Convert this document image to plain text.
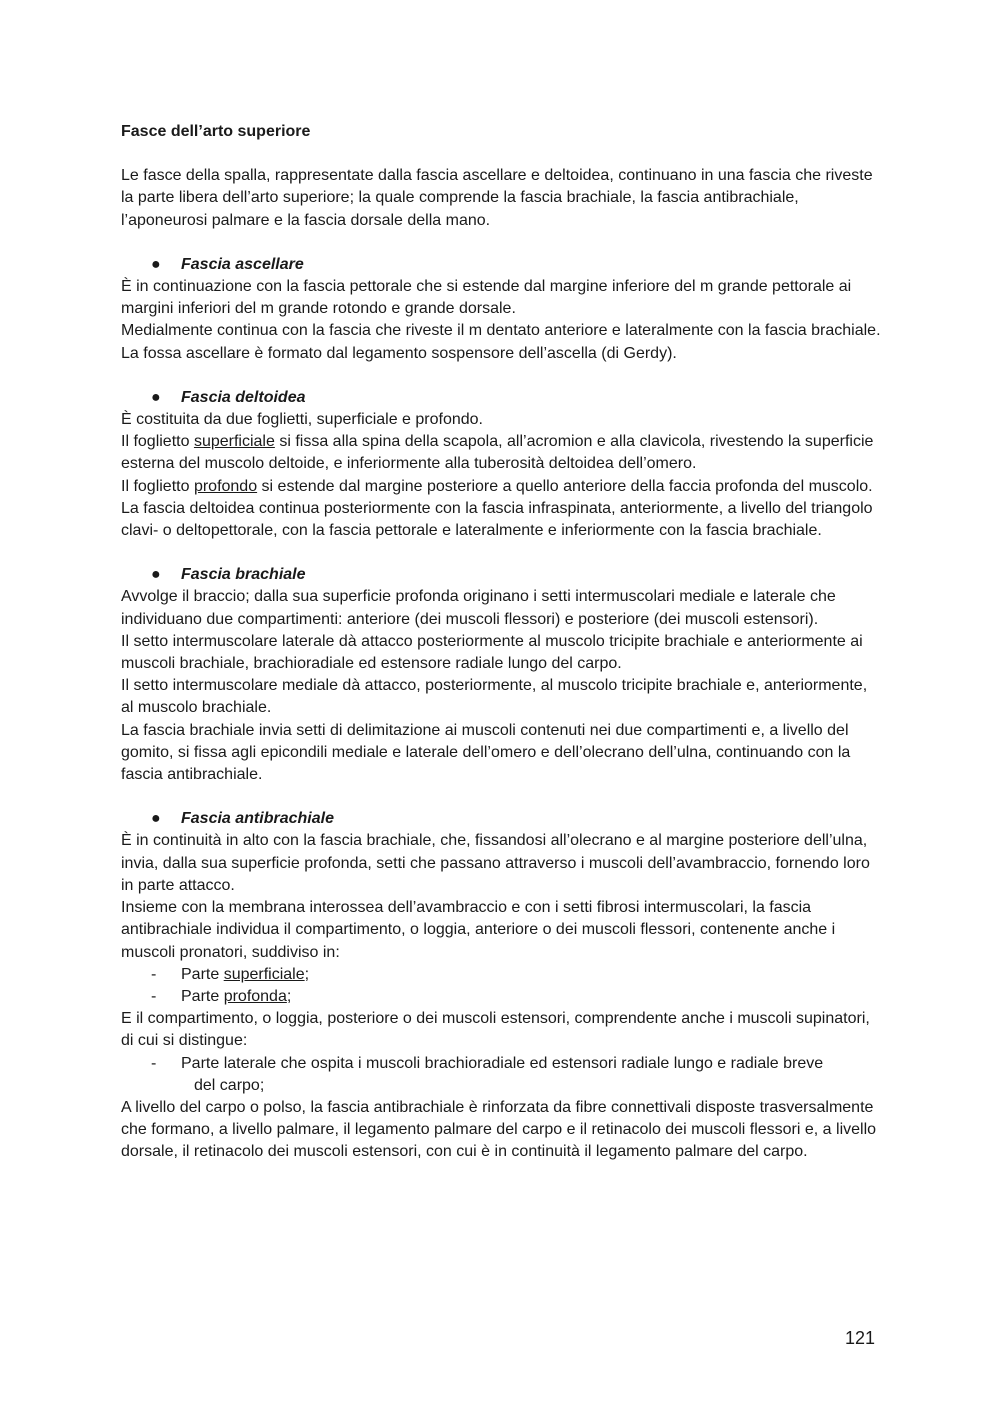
Fasce dell’arto superiore

Le fasce della spalla, rappresentate dalla fascia ascellare e deltoidea, continuano in una fascia che riveste la parte libera dell’arto superiore; la quale comprende la fascia brachiale, la fascia antibrachiale, l’aponeurosi palmare e la fascia dorsale della mano.

● Fascia ascellare

È in continuazione con la fascia pettorale che si estende dal margine inferiore del m grande pettorale ai margini inferiori del m grande rotondo e grande dorsale.

Medialmente continua con la fascia che riveste il m dentato anteriore e lateralmente con la fascia brachiale.

La fossa ascellare è formato dal legamento sospensore dell’ascella (di Gerdy).

● Fascia deltoidea

È costituita da due foglietti, superficiale e profondo.

Il foglietto superficiale si fissa alla spina della scapola, all’acromion e alla clavicola, rivestendo la superficie esterna del muscolo deltoide, e inferiormente alla tuberosità deltoidea dell’omero.

Il foglietto profondo si estende dal margine posteriore a quello anteriore della faccia profonda del muscolo.

La fascia deltoidea continua posteriormente con la fascia infraspinata, anteriormente, a livello del triangolo clavi- o deltopettorale, con la fascia pettorale e lateralmente e inferiormente con la fascia brachiale.

● Fascia brachiale

Avvolge il braccio; dalla sua superficie profonda originano i setti intermuscolari mediale e laterale che individuano due compartimenti: anteriore (dei muscoli flessori) e posteriore (dei muscoli estensori).

Il setto intermuscolare laterale dà attacco posteriormente al muscolo tricipite brachiale e anteriormente ai muscoli brachiale, brachioradiale ed estensore radiale lungo del carpo.

Il setto intermuscolare mediale dà attacco, posteriormente, al muscolo tricipite brachiale e, anteriormente, al muscolo brachiale.

La fascia brachiale invia setti di delimitazione ai muscoli contenuti nei due compartimenti e, a livello del gomito, si fissa agli epicondili mediale e laterale dell’omero e dell’olecrano dell’ulna, continuando con la fascia antibrachiale.

● Fascia antibrachiale

È in continuità in alto con la fascia brachiale, che, fissandosi all’olecrano e al margine posteriore dell’ulna, invia, dalla sua superficie profonda, setti che passano attraverso i muscoli dell’avambraccio, fornendo loro in parte attacco.

Insieme con la membrana interossea dell’avambraccio e con i setti fibrosi intermuscolari, la fascia antibrachiale individua il compartimento, o loggia, anteriore o dei muscoli flessori, contenente anche i muscoli pronatori, suddiviso in:

- Parte superficiale;

- Parte profonda;

E il compartimento, o loggia, posteriore o dei muscoli estensori, comprendente anche i muscoli supinatori, di cui si distingue:

- Parte laterale che ospita i muscoli brachioradiale ed estensori radiale lungo e radiale breve
del carpo;

A livello del carpo o polso, la fascia antibrachiale è rinforzata da fibre connettivali disposte trasversalmente che formano, a livello palmare, il legamento palmare del carpo e il retinacolo dei muscoli flessori e, a livello dorsale, il retinacolo dei muscoli estensori, con cui è in continuità il legamento palmare del carpo.

121
